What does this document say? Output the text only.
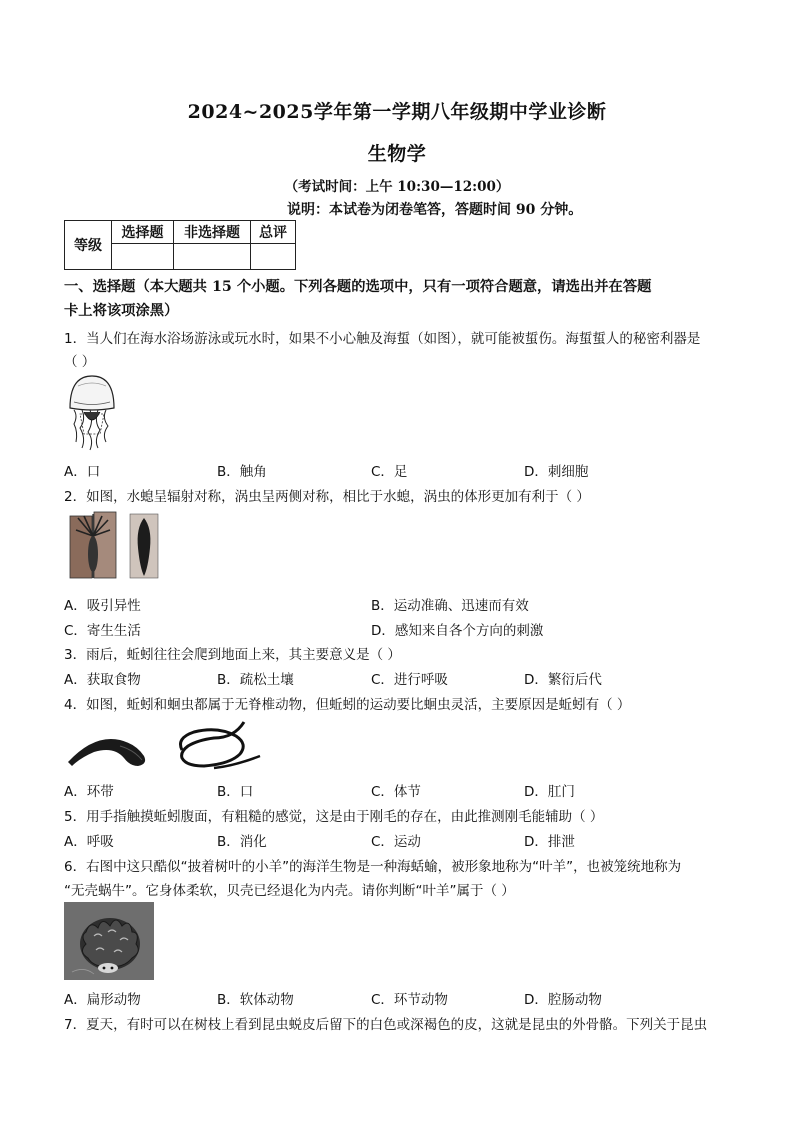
2024~2025学年第一学期八年级期中学业诊断
生物学
（考试时间：上午 10:30—12:00）
说明：本试卷为闭卷笔答，答题时间 90 分钟。
等级	选择题	非选择题	总评

一、选择题（本大题共 15 个小题。下列各题的选项中，只有一项符合题意，请选出并在答题
卡上将该项涂黑）
1．当人们在海水浴场游泳或玩水时，如果不小心触及海蜇（如图），就可能被蜇伤。海蜇蜇人的秘密利器是
（ ）
A．口	B．触角	C．足	D．刺细胞
2．如图，水螅呈辐射对称，涡虫呈两侧对称，相比于水螅，涡虫的体形更加有利于（ ）
A．吸引异性	B．运动准确、迅速而有效
C．寄生生活	D．感知来自各个方向的刺激
3．雨后，蚯蚓往往会爬到地面上来，其主要意义是（ ）
A．获取食物	B．疏松土壤	C．进行呼吸	D．繁衍后代
4．如图，蚯蚓和蛔虫都属于无脊椎动物，但蚯蚓的运动要比蛔虫灵活，主要原因是蚯蚓有（ ）
A．环带	B．口	C．体节	D．肛门
5．用手指触摸蚯蚓腹面，有粗糙的感觉，这是由于刚毛的存在，由此推测刚毛能辅助（ ）
A．呼吸	B．消化	C．运动	D．排泄
6．右图中这只酷似“披着树叶的小羊”的海洋生物是一种海蛞蝓，被形象地称为“叶羊”，也被笼统地称为
“无壳蜗牛”。它身体柔软，贝壳已经退化为内壳。请你判断“叶羊”属于（ ）
A．扁形动物	B．软体动物	C．环节动物	D．腔肠动物
7．夏天，有时可以在树枝上看到昆虫蜕皮后留下的白色或深褐色的皮，这就是昆虫的外骨骼。下列关于昆虫
